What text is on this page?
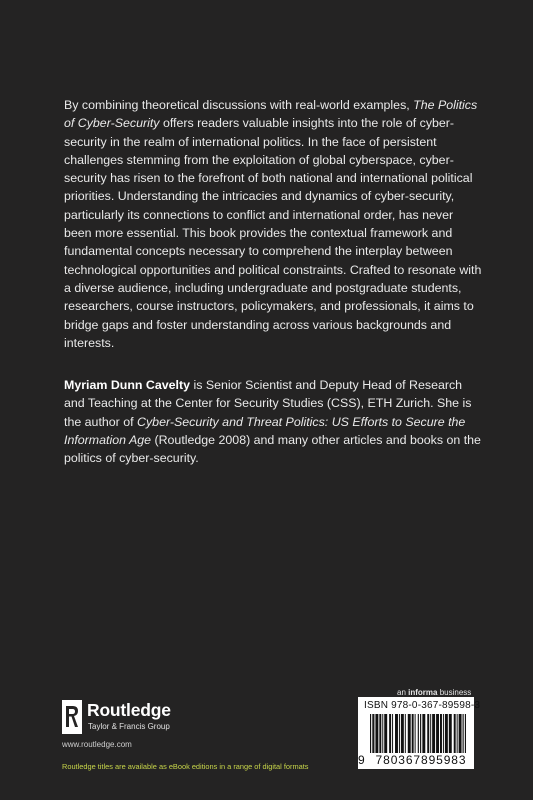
By combining theoretical discussions with real-world examples, The Politics of Cyber-Security offers readers valuable insights into the role of cyber-security in the realm of international politics. In the face of persistent challenges stemming from the exploitation of global cyberspace, cyber-security has risen to the forefront of both national and international political priorities. Understanding the intricacies and dynamics of cyber-security, particularly its connections to conflict and international order, has never been more essential. This book provides the contextual framework and fundamental concepts necessary to comprehend the interplay between technological opportunities and political constraints. Crafted to resonate with a diverse audience, including undergraduate and postgraduate students, researchers, course instructors, policymakers, and professionals, it aims to bridge gaps and foster understanding across various backgrounds and interests.

Myriam Dunn Cavelty is Senior Scientist and Deputy Head of Research and Teaching at the Center for Security Studies (CSS), ETH Zurich. She is the author of Cyber-Security and Threat Politics: US Efforts to Secure the Information Age (Routledge 2008) and many other articles and books on the politics of cyber-security.

Routledge
Taylor & Francis Group
www.routledge.com
Routledge titles are available as eBook editions in a range of digital formats
an informa business
ISBN 978-0-367-89598-3
9 780367895983
